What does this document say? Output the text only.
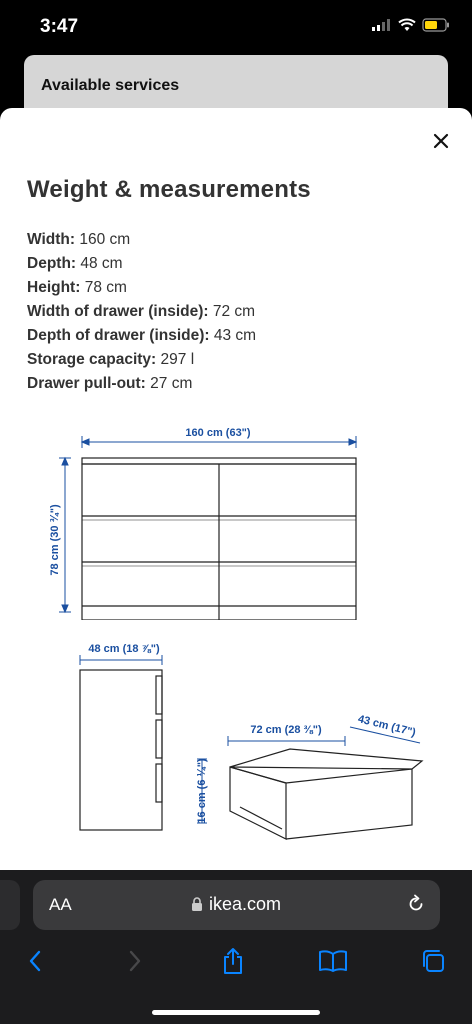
3:47
Available services
Weight & measurements
Width: 160 cm
Depth: 48 cm
Height: 78 cm
Width of drawer (inside): 72 cm
Depth of drawer (inside): 43 cm
Storage capacity: 297 l
Drawer pull-out: 27 cm
160 cm (63")
78 cm (30 ¾")
48 cm (18 ⅞")
72 cm (28 ⅜")	43 cm (17")
16 cm (6 ¼")
AA	ikea.com
